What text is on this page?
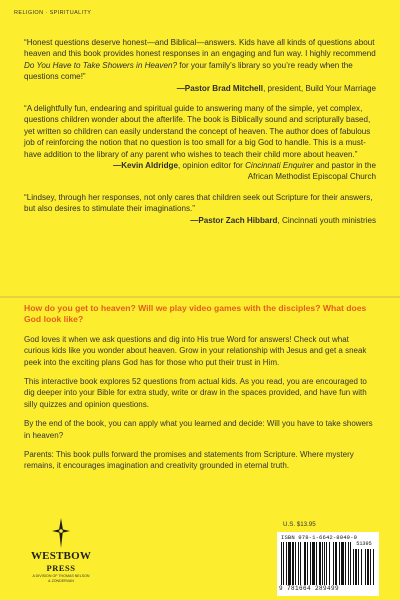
RELIGION · SPIRITUALITY

“Honest questions deserve honest—and Biblical—answers. Kids have all kinds of questions about heaven and this book provides honest responses in an engaging and fun way. I highly recommend Do You Have to Take Showers in Heaven? for your family’s library so you’re ready when the questions come!”

—Pastor Brad Mitchell, president, Build Your Marriage

“A delightfully fun, endearing and spiritual guide to answering many of the simple, yet complex, questions children wonder about the afterlife. The book is Biblically sound and scripturally based, yet written so children can easily understand the concept of heaven. The author does of fabulous job of reinforcing the notion that no question is too small for a big God to handle. This is a must-have addition to the library of any parent who wishes to teach their child more about heaven.”

—Kevin Aldridge, opinion editor for Cincinnati Enquirer and pastor in the

African Methodist Episcopal Church

“Lindsey, through her responses, not only cares that children seek out Scripture for their answers, but also desires to stimulate their imaginations.”

—Pastor Zach Hibbard, Cincinnati youth ministries

How do you get to heaven? Will we play video games with the disciples? What does God look like?

God loves it when we ask questions and dig into His true Word for answers! Check out what curious kids like you wonder about heaven. Grow in your relationship with Jesus and get a sneak peek into the exciting plans God has for those who put their trust in Him.

This interactive book explores 52 questions from actual kids. As you read, you are encouraged to dig deeper into your Bible for extra study, write or draw in the spaces provided, and have fun with silly quizzes and opinion questions.

By the end of the book, you can apply what you learned and decide: Will you have to take showers in heaven?

Parents: This book pulls forward the promises and statements from Scripture. Where mystery remains, it encourages imagination and creativity grounded in eternal truth.

WESTBOW
PRESS
A DIVISION OF THOMAS NELSON
& ZONDERVAN
U.S. $13.95
ISBN 978-1-6642-8949-9
51395
9 781664 289499
